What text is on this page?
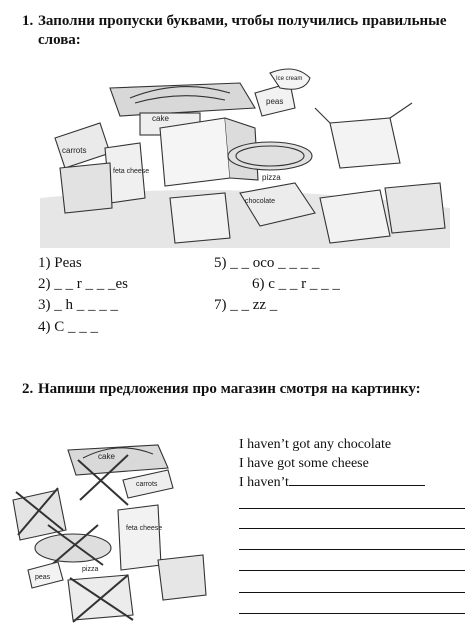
1. Заполни пропуски буквами, чтобы получились правильные слова:
cake
peas
Ice cream
carrots
feta cheese
pizza
chocolate
1) Peas
2) _ _ r _ _ _es
3) _ h _ _ _ _
4) C _ _ _
5) _ _ oco _ _ _ _
6) c _ _ r _ _ _
7) _ _ zz _
2. Напиши предложения про магазин смотря на картинку:
cake
carrots
feta cheese
peas
pizza
I haven’t got any chocolate
I have got some cheese
I haven’t
